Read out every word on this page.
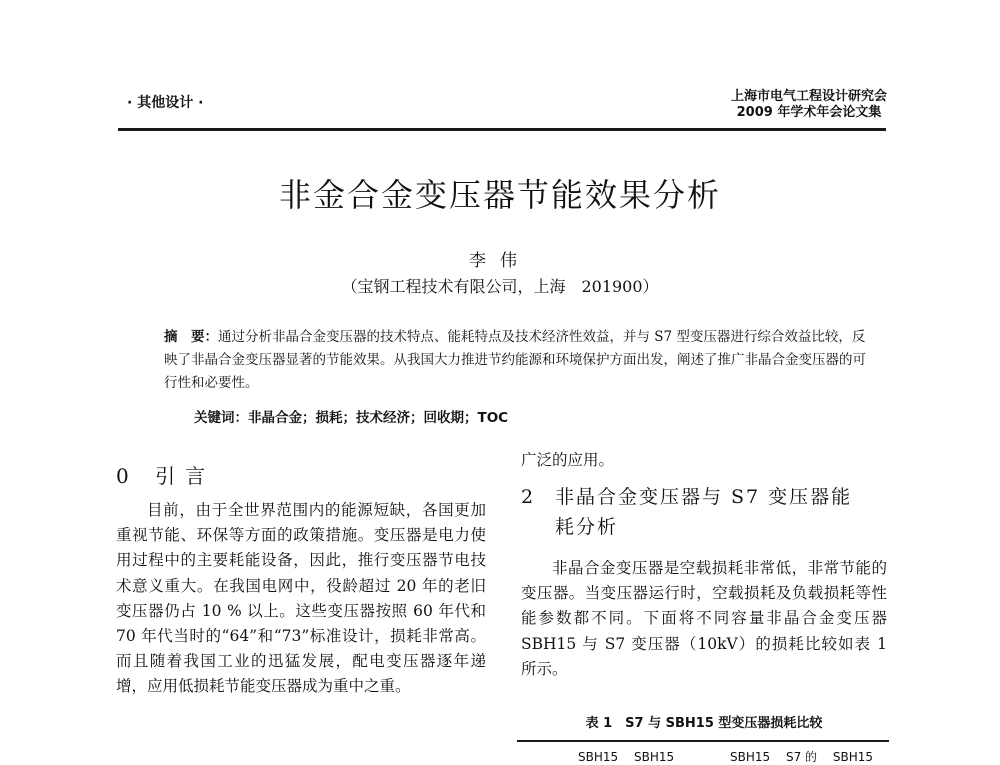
· 其他设计 ·	上海市电气工程设计研究会
2009 年学术年会论文集
非金合金变压器节能效果分析
李伟
（宝钢工程技术有限公司，上海　201900）
摘　要：通过分析非晶合金变压器的技术特点、能耗特点及技术经济性效益，并与 S7 型变压器进行综合效益比较，反映了非晶合金变压器显著的节能效果。从我国大力推进节约能源和环境保护方面出发，阐述了推广非晶合金变压器的可行性和必要性。
关键词：非晶合金；损耗；技术经济；回收期；TOC
0 引言

目前，由于全世界范围内的能源短缺，各国更加重视节能、环保等方面的政策措施。变压器是电力使用过程中的主要耗能设备，因此，推行变压器节电技术意义重大。在我国电网中，役龄超过 20 年的老旧变压器仍占 10 % 以上。这些变压器按照 60 年代和 70 年代当时的“64”和“73”标准设计，损耗非常高。而且随着我国工业的迅猛发展，配电变压器逐年递增，应用低损耗节能变压器成为重中之重。

广泛的应用。
2 非晶合金变压器与 S7 变压器能
耗分析

非晶合金变压器是空载损耗非常低，非常节能的变压器。当变压器运行时，空载损耗及负载损耗等性能参数都不同。下面将不同容量非晶合金变压器 SBH15 与 S7 变压器（10kV）的损耗比较如表 1 所示。

表 1　S7 与 SBH15 型变压器损耗比较
SBH15 SBH15	SBH15 S7 的 SBH15
